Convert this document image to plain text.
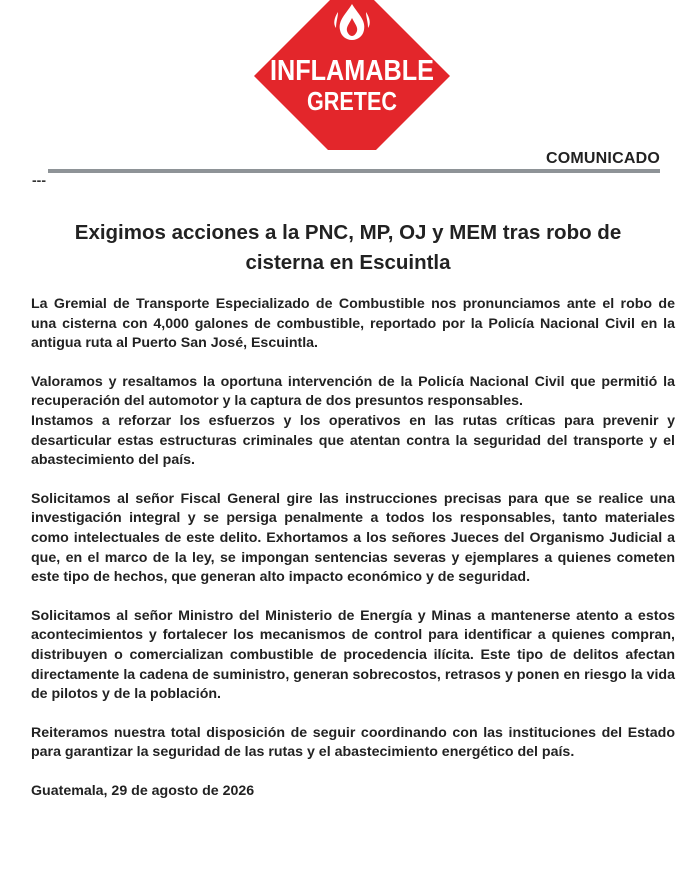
INFLAMABLE
GRETEC
COMUNICADO
---
Exigimos acciones a la PNC, MP, OJ y MEM tras robo de cisterna en Escuintla

La Gremial de Transporte Especializado de Combustible nos pronunciamos ante el robo de una cisterna con 4,000 galones de combustible, reportado por la Policía Nacional Civil en la antigua ruta al Puerto San José, Escuintla.

Valoramos y resaltamos la oportuna intervención de la Policía Nacional Civil que permitió la recuperación del automotor y la captura de dos presuntos responsables.

Instamos a reforzar los esfuerzos y los operativos en las rutas críticas para prevenir y desarticular estas estructuras criminales que atentan contra la seguridad del transporte y el abastecimiento del país.

Solicitamos al señor Fiscal General gire las instrucciones precisas para que se realice una investigación integral y se persiga penalmente a todos los responsables, tanto materiales como intelectuales de este delito. Exhortamos a los señores Jueces del Organismo Judicial a que, en el marco de la ley, se impongan sentencias severas y ejemplares a quienes cometen este tipo de hechos, que generan alto impacto económico y de seguridad.

Solicitamos al señor Ministro del Ministerio de Energía y Minas a mantenerse atento a estos acontecimientos y fortalecer los mecanismos de control para identificar a quienes compran, distribuyen o comercializan combustible de procedencia ilícita. Este tipo de delitos afectan directamente la cadena de suministro, generan sobrecostos, retrasos y ponen en riesgo la vida de pilotos y de la población.

Reiteramos nuestra total disposición de seguir coordinando con las instituciones del Estado para garantizar la seguridad de las rutas y el abastecimiento energético del país.

Guatemala, 29 de agosto de 2026
